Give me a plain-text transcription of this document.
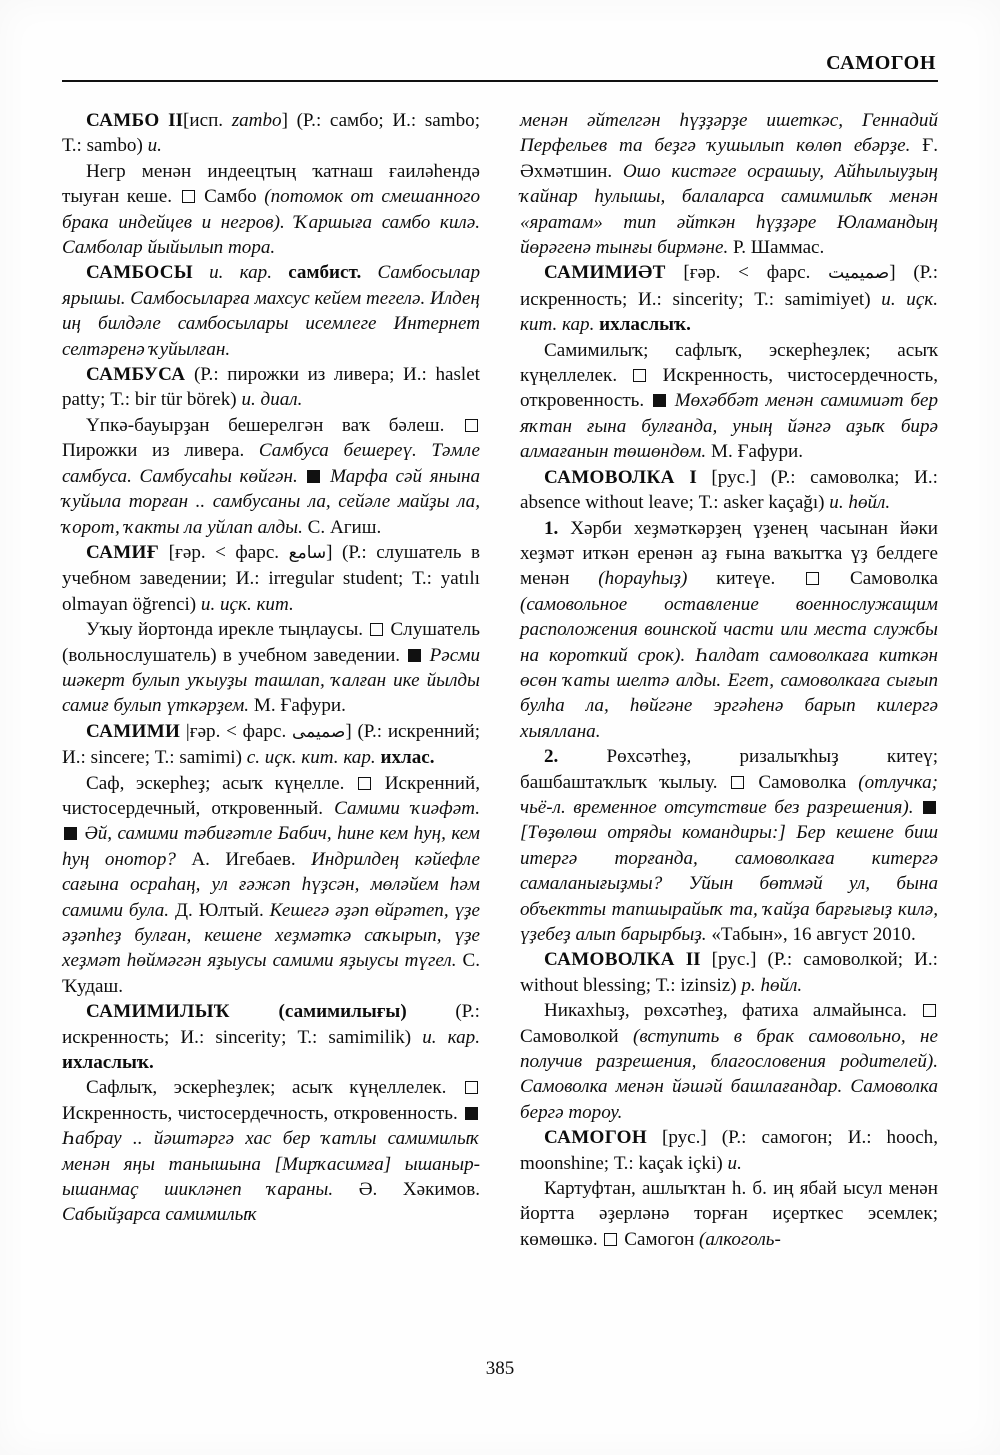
САМОГОН

САМБО II[исп. zambo] (Р.: самбо; И.: sambo; Т.: sambo) и.

Негр менән индеецтың ҡатнаш ғаиләһендә тыуған кеше. Самбо (потомок от смешанного брака индейцев и негров). Ҡаршыға самбо килә. Самболар йыйылып тора.

САМБОСЫ и. кар. самбист. Самбосылар ярышы. Самбосыларға махсус кейем тегелә. Илдең иң билдәле самбосылары исемлеге Интернет селтәренә ҡуйылған.

САМБУСА (Р.: пирожки из ливера; И.: haslet patty; Т.: bir tür börek) и. диал.

Үпкә-бауырҙан бешерелгән ваҡ бәлеш.  Пирожки из ливера. Самбуса бешереү. Тәмле самбуса. Самбусаһы көйгән. Марфа сәй янына ҡуйыла торған .. самбусаны ла, сейәле майҙы ла, ҡорот, ҡакты ла уйлап алды. С. Агиш.

САМИҒ [ғәр. < фарс. سامع] (Р.: слушатель в учебном заведении; И.: irregular student; Т.: yatılı olmayan öğrenci) и. иҫк. кит.

Уҡыу йортонда ирекле тыңлаусы. Слушатель (вольнослушатель) в учебном заведении. Рәсми шәкерт булып уҡыуҙы ташлап, ҡалған ике йылды самиғ булып үткәрҙем. М. Ғафури.

САМИМИ |ғәр. < фарс. صميمى] (Р.: искренний; И.: sincere; Т.: samimi) с. иҫк. кит. кар. ихлас.

Саф, эскерһеҙ; асыҡ күңелле. Искренний, чистосердечный, откровенный. Самими ҡиәфәт.  Әй, самими тәбиғәтле Бабич, һине кем һуң, кем һуң онотор? А. Игебаев. Индрилдең кәйефле сағына осраһаң, ул ғәжәп һүҙсән, мөләйем һәм самими була. Д. Юлтый. Кешегә әҙәп өйрәтеп, үҙе әҙәпһеҙ булған, кешене хеҙмәткә саҡырып, үҙе хеҙмәт һөймәгән яҙыусы самими яҙыусы түгел. С. Ҡудаш.

САМИМИЛЫҠ	(самимилығы)	(Р.: искренность; И.: sincerity; Т.: samimilik) и. кар. ихласлыҡ.

Сафлыҡ, эскерһеҙлек; асыҡ күңеллелек.  Искренность, чистосердечность, откровенность.  Һабрау .. йәштәргә хас бер ҡатлы самимилыҡ менән яңы танышына [Мирҡасимға] ышаныр-ышанмаҫ шикләнеп ҡараны. Ә. Хәкимов. Сабыйҙарса самимилыҡ

менән әйтелгән һүҙҙәрҙе ишеткәс, Геннадий Перфельев та беҙгә ҡушылып көлөп ебәрҙе. Ғ. Әхмәтшин. Ошо кистәге осрашыу, Айһылыуҙың ҡайнар һулышы, балаларса самимилыҡ менән «яратам» тип әйткән һүҙҙәре Юламандың йөрәгенә тынғы бирмәне. Р. Шаммас.

САМИМИӘТ [ғәр. < фарс. صميميت] (Р.: искренность; И.: sincerity; Т.: samimiyet) и. иҫк. кит. кар. ихласлыҡ.

Самимилыҡ; сафлыҡ, эскерһеҙлек; асыҡ күңеллелек. Искренность, чистосердечность, откровенность. Мөхәббәт менән самимиәт бер яҡтан ғына булғанда, уның йәнгә аҙыҡ бирә алмағанын төшөндөм. М. Ғафури.

САМОВОЛКА I [рус.] (Р.: самоволка; И.: absence without leave; Т.: asker kaçağı) и. һөйл.

1. Хәрби хеҙмәткәрҙең үҙенең часынан йәки хеҙмәт иткән еренән аҙ ғына ваҡытҡа үҙ белдеге менән (һорауһыҙ) китеүе.	Самоволка (самовольное оставление военнослужащим расположения воинской части или места службы на короткий срок). Һалдат самоволкаға киткән өсөн ҡаты шелтә алды. Егет, самоволкаға сығып булһа ла, һөйгәне эргәһенә барып килергә хыяллана.

2.	Рөхсәтһеҙ, ризалыҡһыҙ китеү; башбаштаҡлыҡ ҡылыу. Самоволка (отлучка; чьё-л. временное отсутствие без разрешения).  [Төҙөлөш отряды командиры:] Бер кешене биш итергә торғанда, самоволкаға китергә самаланығыҙмы? Уйын бөтмәй ул, бына объектты тапшырайыҡ та, ҡайҙа барғығыҙ килә, үҙебеҙ алып барырбыҙ. «Табын», 16 август 2010.

САМОВОЛКА II [рус.] (Р.: самоволкой; И.: without blessing; Т.: izinsiz) р. һөйл.

Никахһыҙ, рөхсәтһеҙ, фатиха алмайынса.  Самоволкой (вступить в брак самовольно, не получив разрешения, благословения родителей). Самоволка менән йәшәй башлағандар. Самоволка бергә тороу.

САМОГОН [рус.] (Р.: самогон; И.: hooch, moonshine; Т.: kaçak içki) и.

Картуфтан, ашлыҡтан һ. б. иң ябай ысул менән йортта әҙерләнә торған иҫерткес эсемлек; көмөшкә. Самогон (алкоголь-

385
